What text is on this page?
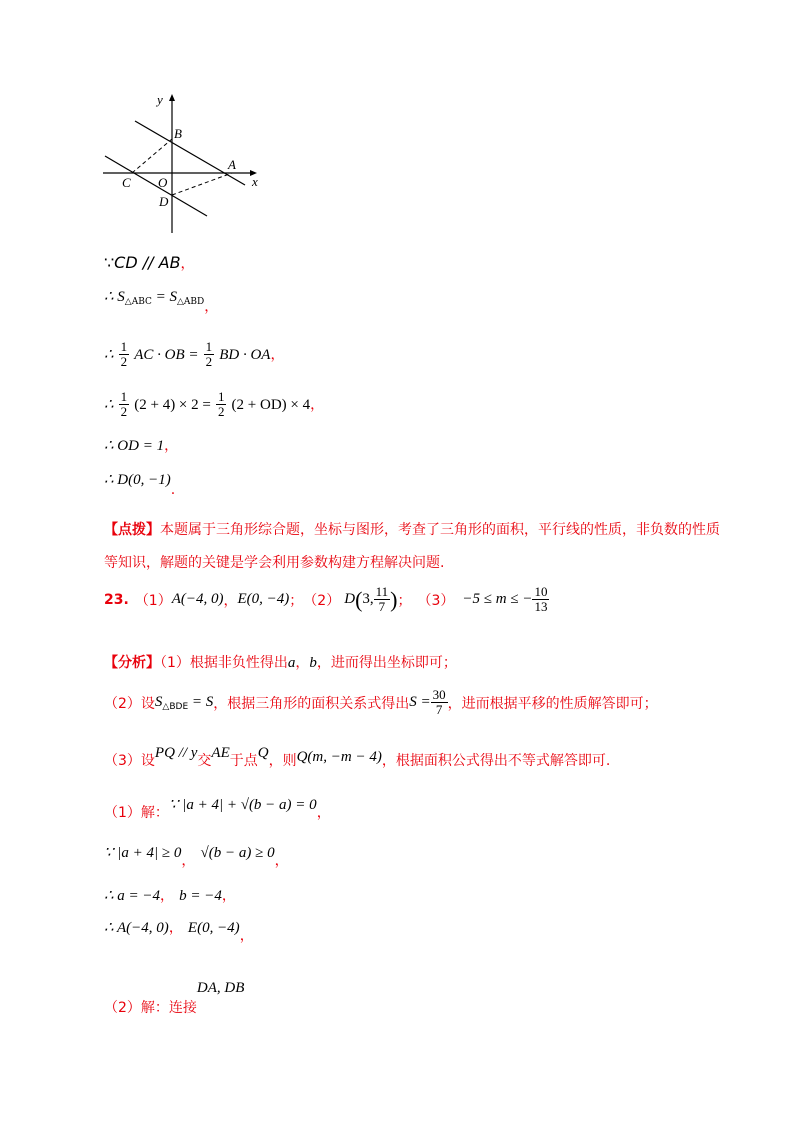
y
x
B
A
C O
D
∵CD // AB，
∴ $S_{\triangle ABC} = S_{\triangle ABD}$，
∴ $\frac{1}{2}$ AC · OB = $\frac{1}{2}$ BD · OA，
∴ $\frac{1}{2} (2 + 4) \times 2 = \frac{1}{2} (2 + OD) \times 4$，
∴ OD = 1，
∴ D(0, −1).
【点拨】本题属于三角形综合题，坐标与图形，考查了三角形的面积，平行线的性质，非负数的性质
等知识，解题的关键是学会利用参数构建方程解决问题.
23. （1） A(−4, 0) ， E(0, −4) ； （2） D ( 3, $\frac{11}{7}$ ) ； （3） −5 ≤ m ≤ − $\frac{10}{13}$
【分析】（1）根据非负性得出a，b，进而得出坐标即可；
（2）设 $S_{\triangle BDE} = S$ ，根据三角形的面积关系式得出 $S = \frac{30}{7}$ ，进而根据平移的性质解答即可；
（3）设PQ // y交AE于点Q，则Q(m, −m − 4)，根据面积公式得出不等式解答即可.
（1）解：∵ |a + 4| + √(b − a) = 0，
∵ |a + 4| ≥ 0， √(b − a) ≥ 0，
∴ a = −4， b = −4，
∴ A(−4, 0)， E(0, −4)，
（2）解：连接DA, DB
